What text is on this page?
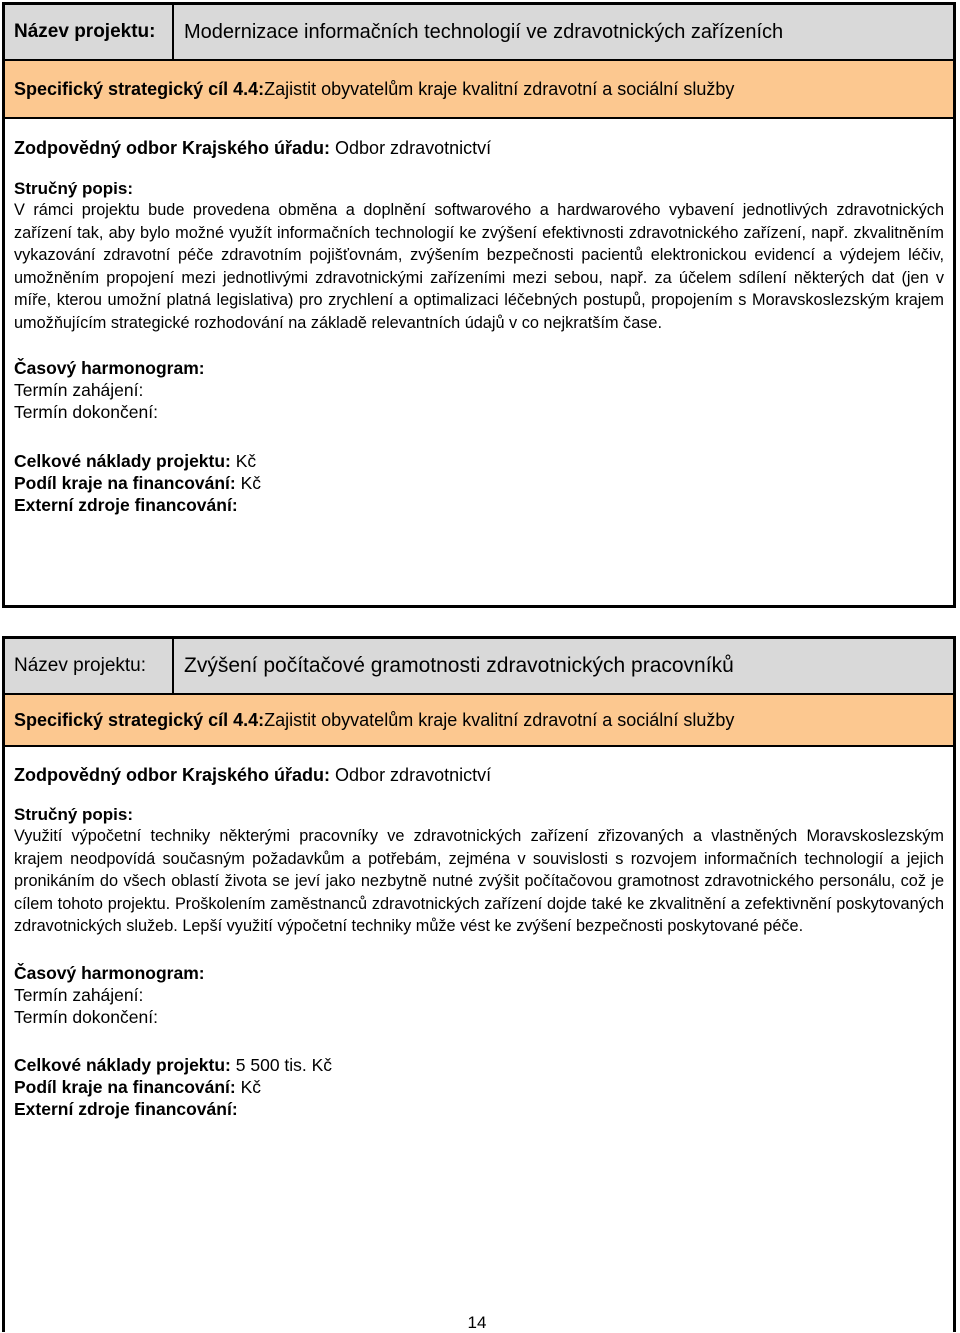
Název projektu:	Modernizace informačních technologií ve zdravotnických zařízeních
Specifický strategický cíl 4.4: Zajistit obyvatelům kraje kvalitní zdravotní a sociální služby
Zodpovědný odbor Krajského úřadu: Odbor zdravotnictví
Stručný popis:
V rámci projektu bude provedena obměna a doplnění softwarového a hardwarového vybavení jednotlivých zdravotnických zařízení tak, aby bylo možné využít informačních technologií ke zvýšení efektivnosti zdravotnického zařízení, např. zkvalitněním vykazování zdravotní péče zdravotním pojišťovnám, zvýšením bezpečnosti pacientů elektronickou evidencí a výdejem léčiv, umožněním propojení mezi jednotlivými zdravotnickými zařízeními mezi sebou, např. za účelem sdílení některých dat (jen v míře, kterou umožní platná legislativa) pro zrychlení a optimalizaci léčebných postupů, propojením s Moravskoslezským krajem umožňujícím strategické rozhodování na základě relevantních údajů v co nejkratším čase.
Časový harmonogram:
Termín zahájení:
Termín dokončení:
Celkové náklady projektu: Kč
Podíl kraje na financování: Kč
Externí zdroje financování:
Název projektu:	Zvýšení počítačové gramotnosti zdravotnických pracovníků
Specifický strategický cíl 4.4: Zajistit obyvatelům kraje kvalitní zdravotní a sociální služby
Zodpovědný odbor Krajského úřadu: Odbor zdravotnictví
Stručný popis:
Využití výpočetní techniky některými pracovníky ve zdravotnických zařízení zřizovaných a vlastněných Moravskoslezským krajem neodpovídá současným požadavkům a potřebám, zejména v souvislosti s rozvojem informačních technologií a jejich pronikáním do všech oblastí života se jeví jako nezbytně nutné zvýšit počítačovou gramotnost zdravotnického personálu, což je cílem tohoto projektu. Proškolením zaměstnanců zdravotnických zařízení dojde také ke zkvalitnění a zefektivnění poskytovaných zdravotnických služeb. Lepší využití výpočetní techniky může vést ke zvýšení bezpečnosti poskytované péče.
Časový harmonogram:
Termín zahájení:
Termín dokončení:
Celkové náklady projektu: 5 500 tis. Kč
Podíl kraje na financování: Kč
Externí zdroje financování:
14
